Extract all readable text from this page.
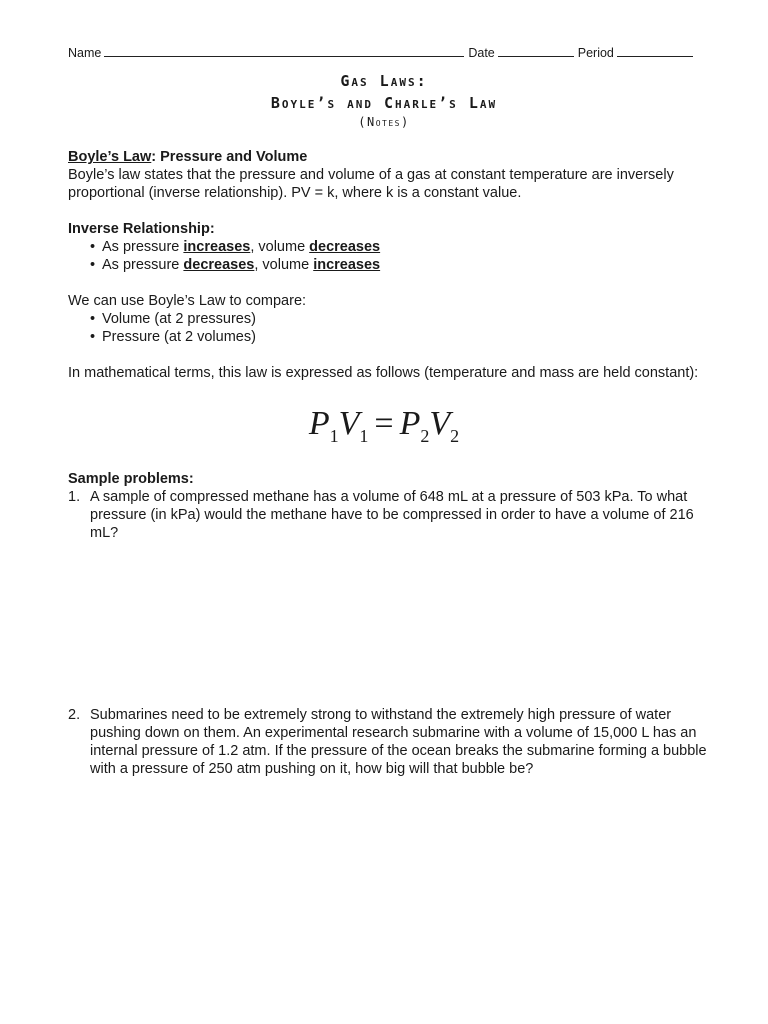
Name	Date	Period
Gas Laws:
Boyle’s and Charle’s Law
(Notes)

Boyle’s Law: Pressure and Volume

Boyle’s law states that the pressure and volume of a gas at constant temperature are inversely proportional (inverse relationship). PV = k, where k is a constant value.

Inverse Relationship:

• As pressure increases, volume decreases
• As pressure decreases, volume increases

We can use Boyle’s Law to compare:

• Volume (at 2 pressures)
• Pressure (at 2 volumes)

In mathematical terms, this law is expressed as follows (temperature and mass are held constant):

$P_1V_1 = P_2V_2$
Sample problems:
1. A sample of compressed methane has a volume of 648 mL at a pressure of 503 kPa. To what pressure (in kPa) would the methane have to be compressed in order to have a volume of 216 mL?
2. Submarines need to be extremely strong to withstand the extremely high pressure of water pushing down on them. An experimental research submarine with a volume of 15,000 L has an internal pressure of 1.2 atm. If the pressure of the ocean breaks the submarine forming a bubble with a pressure of 250 atm pushing on it, how big will that bubble be?
